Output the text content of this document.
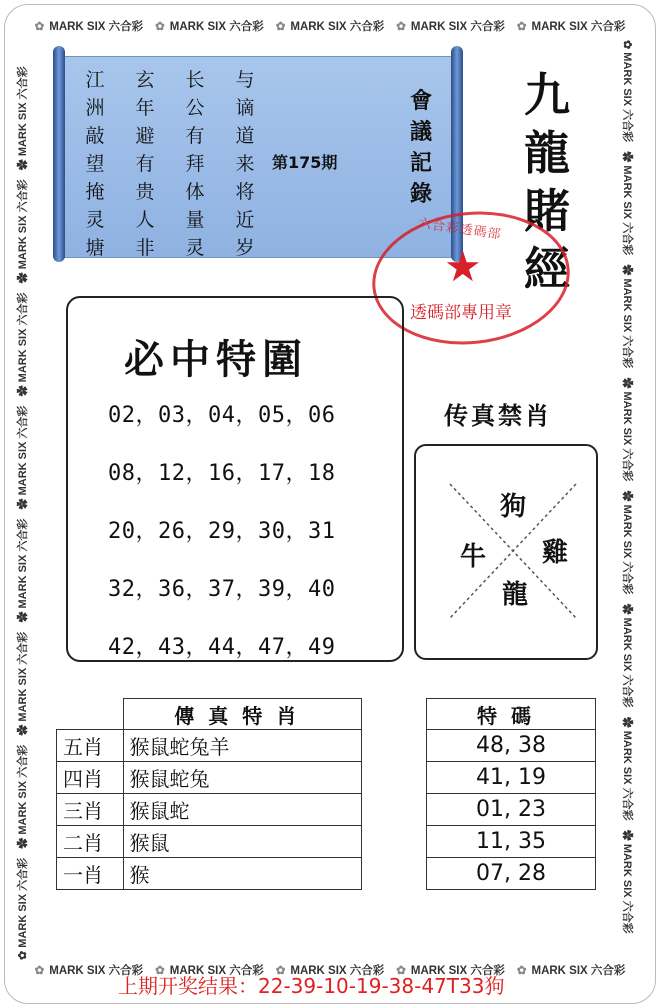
✿ MARK SIX 六合彩 ✿ MARK SIX 六合彩 ✿ MARK SIX 六合彩 ✿ MARK SIX 六合彩 ✿ MARK SIX 六合彩
✿ MARK SIX 六合彩 ✿ MARK SIX 六合彩 ✿ MARK SIX 六合彩 ✿ MARK SIX 六合彩 ✿ MARK SIX 六合彩
✿ MARK SIX 六合彩   ✿ MARK SIX 六合彩   ✿ MARK SIX 六合彩   ✿ MARK SIX 六合彩   ✿ MARK SIX 六合彩   ✿ MARK SIX 六合彩   ✿ MARK SIX 六合彩   ✿ MARK SIX 六合彩
✿ MARK SIX 六合彩   ✿ MARK SIX 六合彩   ✿ MARK SIX 六合彩   ✿ MARK SIX 六合彩   ✿ MARK SIX 六合彩   ✿ MARK SIX 六合彩   ✿ MARK SIX 六合彩   ✿ MARK SIX 六合彩
与谪道来将近岁
长公有拜体量灵
玄年避有贵人非
江洲敲望掩灵塘
第175期
會議記錄
九龍賭經
六合彩透碼部
★
透碼部專用章
必中特圍
02，03，04，05，06
08，12，16，17，18
20，26，29，30，31
32，36，37，39，40
42，43，44，47，49
传真禁肖
狗
牛 雞
龍
	傳真特肖
五肖	猴鼠蛇兔羊
四肖	猴鼠蛇兔
三肖	猴鼠蛇
二肖	猴鼠
一肖	猴
特碼
48, 38
41, 19
01, 23
11, 35
07, 28
上期开奖结果：22-39-10-19-38-47T33狗
